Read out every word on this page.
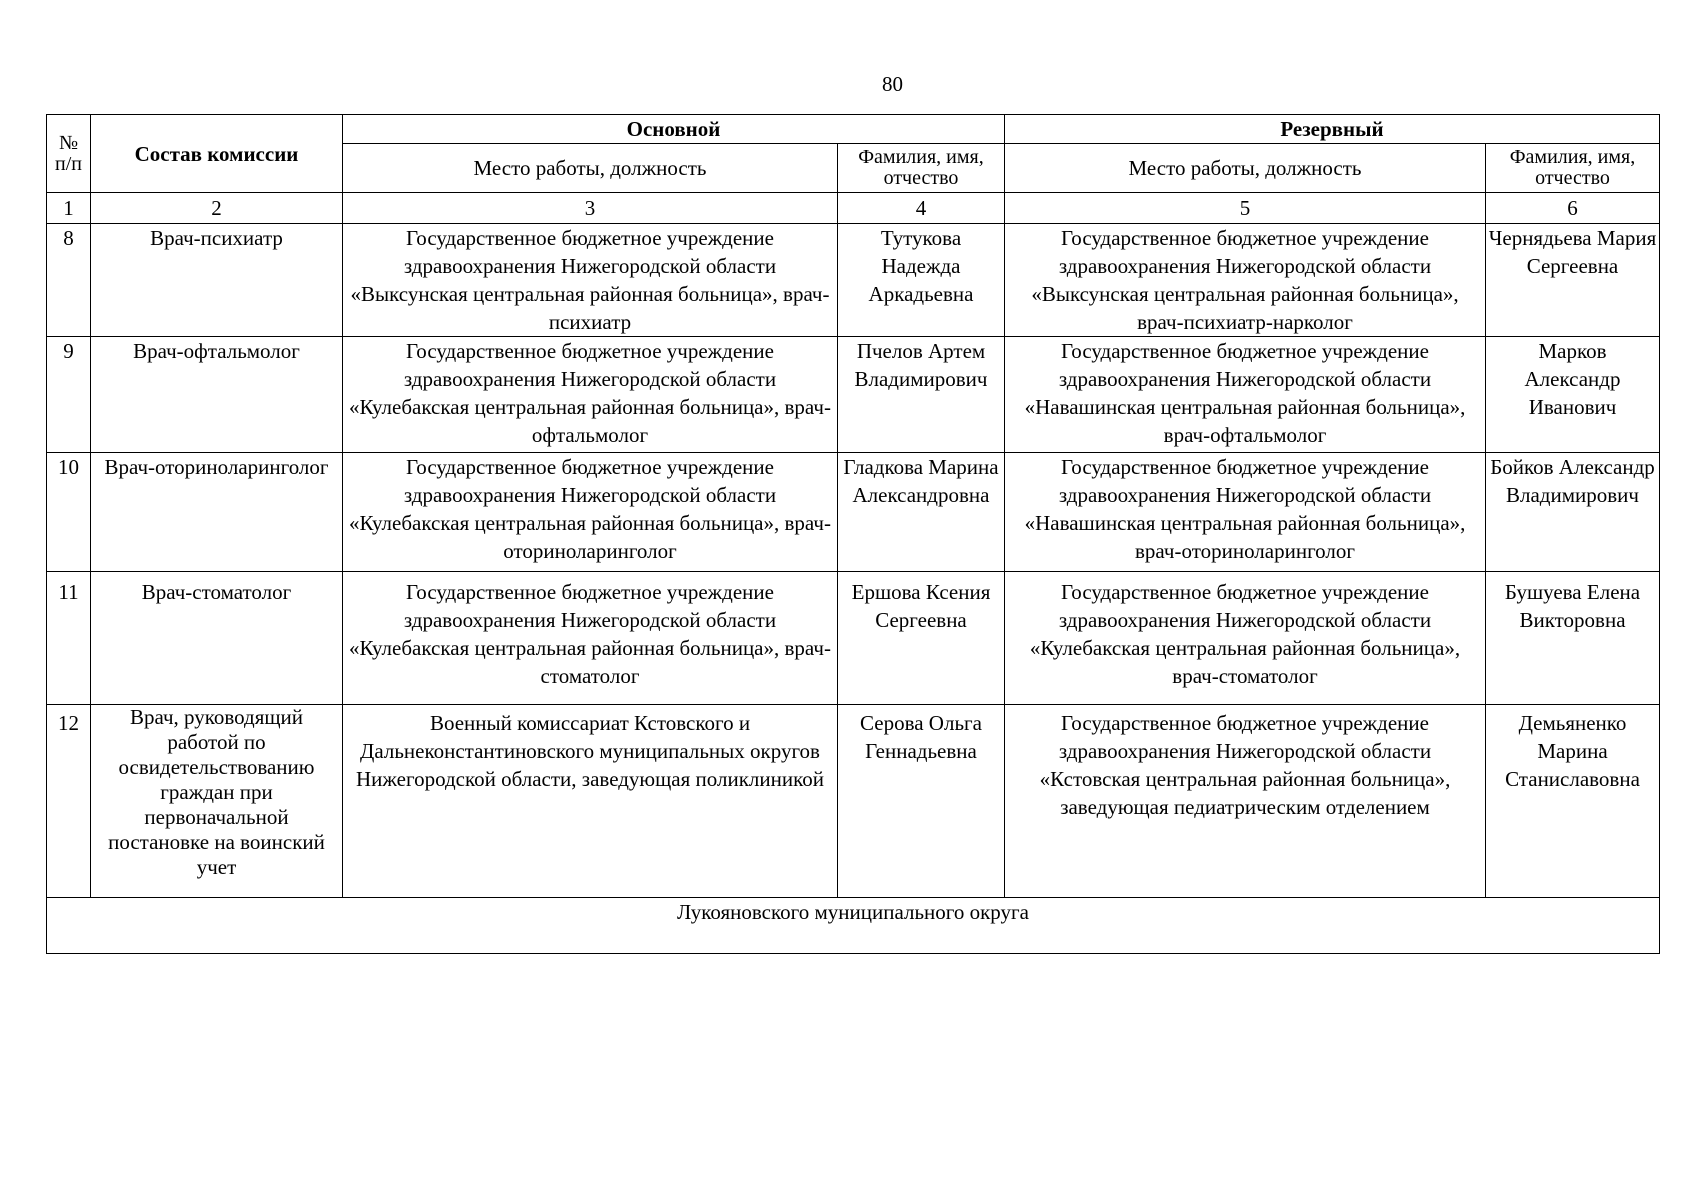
80
№ п/п	Состав комиссии	Основной		Резервный	
		Место работы, должность	Фамилия, имя, отчество	Место работы, должность	Фамилия, имя, отчество
1	2	3	4	5	6
8	Врач-психиатр	Государственное бюджетное учреждение здравоохранения Нижегородской области «Выксунская центральная районная больница», врач-психиатр	Тутукова Надежда Аркадьевна	Государственное бюджетное учреждение здравоохранения Нижегородской области «Выксунская центральная районная больница», врач-психиатр-нарколог	Чернядьева Мария Сергеевна
9	Врач-офтальмолог	Государственное бюджетное учреждение здравоохранения Нижегородской области «Кулебакская центральная районная больница», врач-офтальмолог	Пчелов Артем Владимирович	Государственное бюджетное учреждение здравоохранения Нижегородской области «Навашинская центральная районная больница», врач-офтальмолог	Марков Александр Иванович
10	Врач-оториноларинголог	Государственное бюджетное учреждение здравоохранения Нижегородской области «Кулебакская центральная районная больница», врач-оториноларинголог	Гладкова Марина Александровна	Государственное бюджетное учреждение здравоохранения Нижегородской области «Навашинская центральная районная больница», врач-оториноларинголог	Бойков Александр Владимирович
11	Врач-стоматолог	Государственное бюджетное учреждение здравоохранения Нижегородской области «Кулебакская центральная районная больница», врач-стоматолог	Ершова Ксения Сергеевна	Государственное бюджетное учреждение здравоохранения Нижегородской области «Кулебакская центральная районная больница», врач-стоматолог	Бушуева Елена Викторовна
12	Врач, руководящий работой по освидетельствованию граждан при первоначальной постановке на воинский учет	Военный комиссариат Кстовского и Дальнеконстантиновского муниципальных округов Нижегородской области, заведующая поликлиникой	Серова Ольга Геннадьевна	Государственное бюджетное учреждение здравоохранения Нижегородской области «Кстовская центральная районная больница», заведующая педиатрическим отделением	Демьяненко Марина Станиславовна
Лукояновского муниципального округа					
